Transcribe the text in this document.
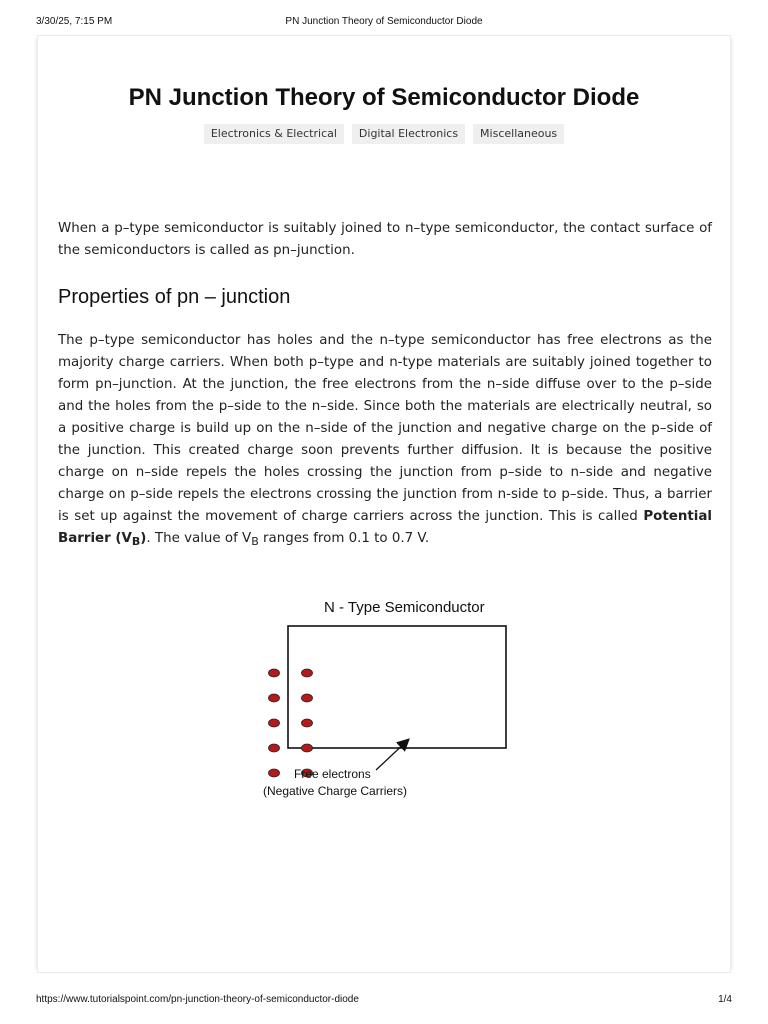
3/30/25, 7:15 PM	PN Junction Theory of Semiconductor Diode
PN Junction Theory of Semiconductor Diode
Electronics & Electrical Digital Electronics Miscellaneous

When a p–type semiconductor is suitably joined to n–type semiconductor, the contact surface of the semiconductors is called as pn–junction.

Properties of pn – junction

The p–type semiconductor has holes and the n–type semiconductor has free electrons as the majority charge carriers. When both p–type and n-type materials are suitably joined together to form pn–junction. At the junction, the free electrons from the n–side diffuse over to the p–side and the holes from the p–side to the n–side. Since both the materials are electrically neutral, so a positive charge is build up on the n–side of the junction and negative charge on the p–side of the junction. This created charge soon prevents further diffusion. It is because the positive charge on n–side repels the holes crossing the junction from p–side to n–side and negative charge on p–side repels the electrons crossing the junction from n-side to p–side. Thus, a barrier is set up against the movement of charge carriers across the junction. This is called Potential Barrier $(V_B)$. The value of $V_B$ ranges from 0.1 to 0.7 V.

N - Type Semiconductor
Free electrons
(Negative Charge Carriers)
https://www.tutorialspoint.com/pn-junction-theory-of-semiconductor-diode	1/4
